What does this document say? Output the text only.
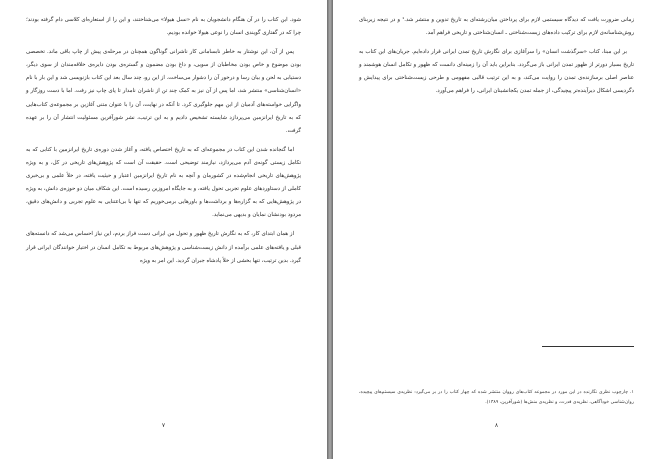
شود. این کتاب را در آن هنگام دانشجویان به نام «نسل هیولا» می‌شناختند، و این را از استعاره‌ای کلاسی دام گرفته بودند؛ چرا که در گفتاری گویندی انسان را نوعی هیولا خوانده بودیم.

پس از آن، این نوشتار به خاطر نابسامانی کار ناشرانی گوناگون همچنان در مرحله‌ی پیش از چاپ باقی ماند. تخصصی بودن موضوع و خاص بودن مخاطبان از سویی، و داغ بودن مضمون و گستره‌ی بودن دایره‌ی خلاقه‌مندان از سوی دیگر، دستیابی به لحن و بیان رسا و درخور آن را دشوار می‌ساخت. از این رو، چند سال بعد این کتاب بازنویسی شد و این بار با نام «انسان‌شناسی» منتشر شد، اما پس از آن نیز به کمک چند تن از ناشران نامدار تا پای چاپ نیز رفت. اما با دست روزگار و واگرایی خواسته‌های آدمیان از این مهم جلوگیری کرد. تا آنکه در نهایت، آن را با عنوان متنی آغازین بر مجموعه‌ی کتاب‌هایی که به تاریخ ایرانزمین می‌پردازد شایسته تشخیص دادیم و به این ترتیب، نشر شورآفرین مسئولیت انتشار آن را بر عهده گرفت.

اما گنجانده شدن این کتاب در مجموعه‌ای که به تاریخ اختصاص یافته، و آغاز شدن دوره‌ی تاریخ ایرانزمین با کتابی که به تکامل زیستی گونه‌ی آدم می‌پردازد، نیازمند توضیحی است. حقیقت آن است که پژوهش‌های تاریخی در کل، و به ویژه پژوهش‌های تاریخی انجام‌شده در کشورمان و آنچه به نام تاریخ ایرانزمین اعتبار و حیثیت یافته، در خلأ علمی و بی‌خبری کاملی از دستاوردهای علوم تجربی تحول یافته، و به جایگاه امروزین رسیده است. این شکاف میان دو حوزه‌ی دانش، به ویژه در پژوهش‌هایی که به گزاره‌ها و برداشت‌ها و باورهایی برمی‌خوریم که تنها با بی‌اعتنایی به علوم تجربی و دانش‌های دقیق، مردود بودنشان نمایان و بدیهی می‌نماید.

از همان ابتدای کار، که به نگارش تاریخ ظهور و تحول من ایرانی دست فراز بردم، این نیاز احساس می‌شد که دانسته‌های قبلی و یافته‌های علمی برآمده از دانش زیست‌شناسی و پژوهش‌های مربوط به تکامل انسان در اختیار خوانندگان ایرانی قرار گیرد. بدین ترتیب، تنها بخشی از خلأ پادشاه جبران گردید. این امر به ویژه

۷

زمانی ضرورت یافت که دیدگاه سیستمی لازم برای پرداختن میان‌رشته‌ای به تاریخ تدوین و منتشر شد.¹ و در نتیجه زیربنای روش‌شناسانه‌ی لازم برای ترکیب داده‌های زیست‌شناختی ـ انسان‌شناختی و تاریخی فراهم آمد.

بر این مبنا، کتاب «سرگذشت انسان» را سرآغازی برای نگارش تاریخ تمدن ایرانی قرار داده‌ایم. جریان‌های این کتاب به تاریخ بسیار دورتر از ظهور تمدن ایرانی باز می‌گردد. بنابراین باید آن را زمینه‌ای دانست که ظهور و تکامل انسان هوشمند و عناصر اصلی برسازنده‌ی تمدن را روایت می‌کند، و به این ترتیب قالبی مفهومی و طرحی زیست‌شناختی برای پیدایش و دگردیسی اشکال دیرآینده‌تر پیچیدگی، از جمله تمدن یکجانشینان ایرانی، را فراهم می‌آورد.

۱. چارچوب نظری نگارنده در این مورد در مجموعه کتاب‌های رووان منتشر شده که چهار کتاب را در بر می‌گیرد: نظریه‌ی سیستم‌های پیچیده، روان‌شناسی خودآگاهی، نظریه‌ی قدرت، و نظریه‌ی منش‌ها (شورآفرین، ۱۳۸۹).
۸
